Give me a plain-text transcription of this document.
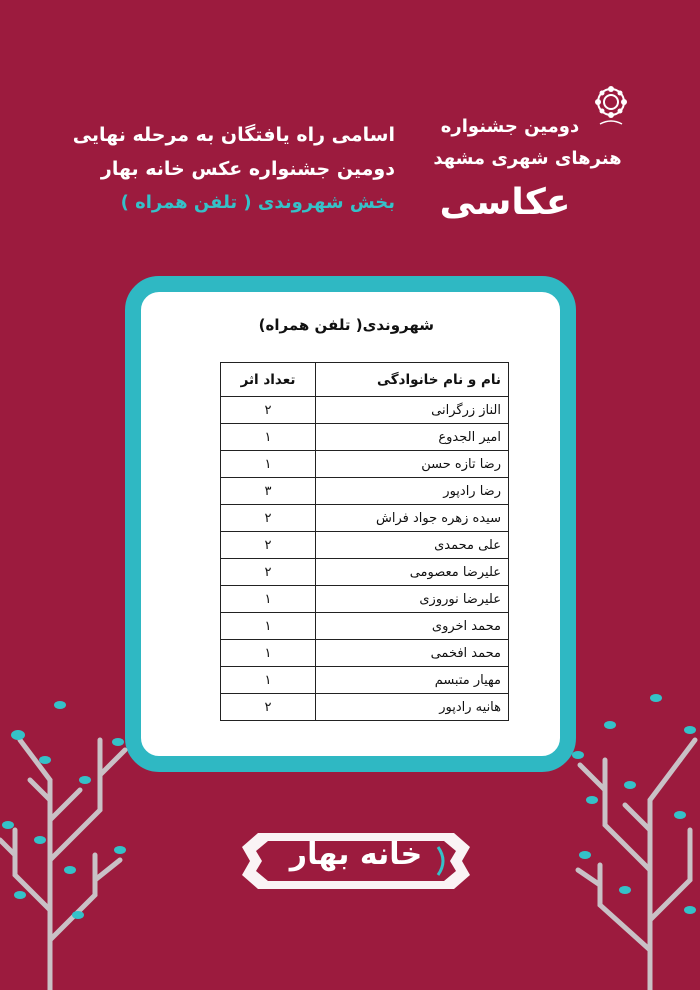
اسامی راه یافتگان به مرحله نهایی
دومین جشنواره عکس خانه بهار
بخش شهروندی ( تلفن همراه )
دومین جشنواره
هنرهای شهری مشهد
عکاسی
شهروندی( تلفن همراه)
نام و نام خانوادگی	تعداد اثر
الناز زرگرانی	۲
امیر الجدوع	۱
رضا تازه حسن	۱
رضا رادپور	۳
سیده زهره جواد فراش	۲
علی محمدی	۲
علیرضا معصومی	۲
علیرضا نوروزی	۱
محمد اخروی	۱
محمد افخمی	۱
مهیار متبسم	۱
هانیه رادپور	۲
خانه بهار
